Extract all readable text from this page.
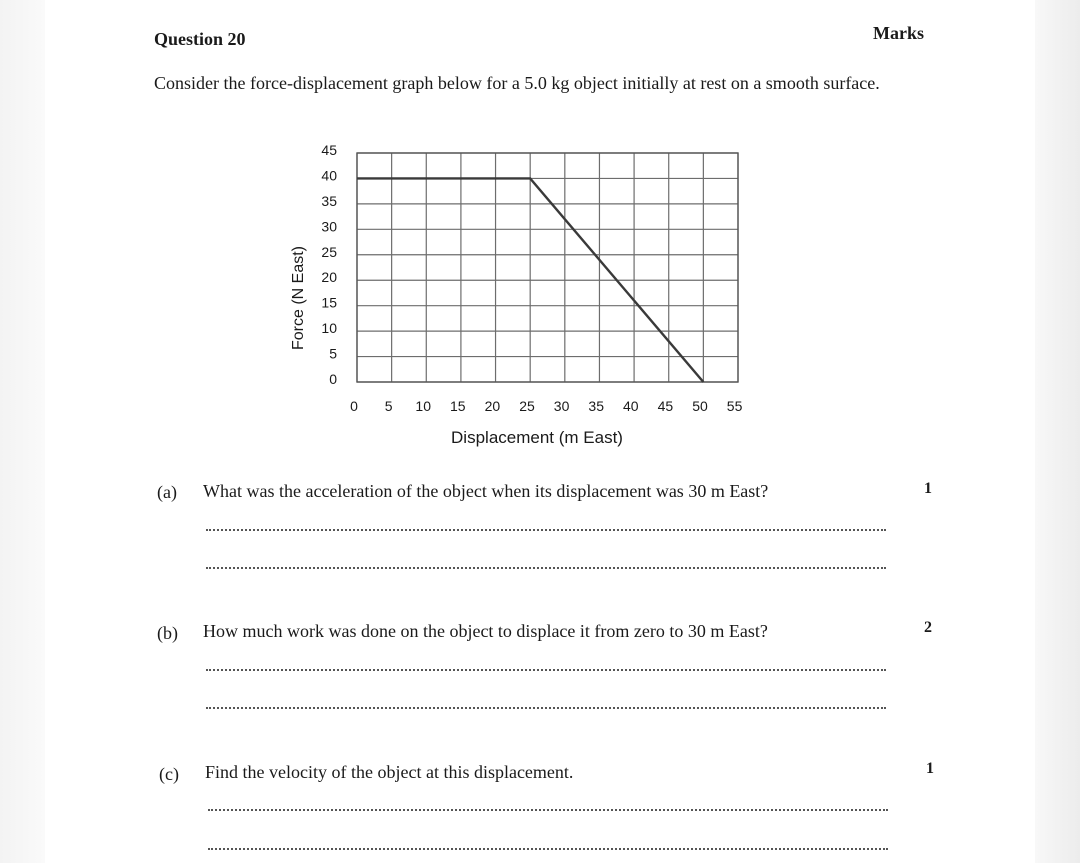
Question 20	Marks
Consider the force-displacement graph below for a 5.0 kg object initially at rest on a smooth surface.
0
5
10
15
20
25
30
35
40
45
0 5 10 15 20 25 30 35 40 45 50 55
Displacement (m East)
Force (N East)
(a) What was the acceleration of the object when its displacement was 30 m East?	1
(b) How much work was done on the object to displace it from zero to 30 m East?	2
(c) Find the velocity of the object at this displacement.	1
